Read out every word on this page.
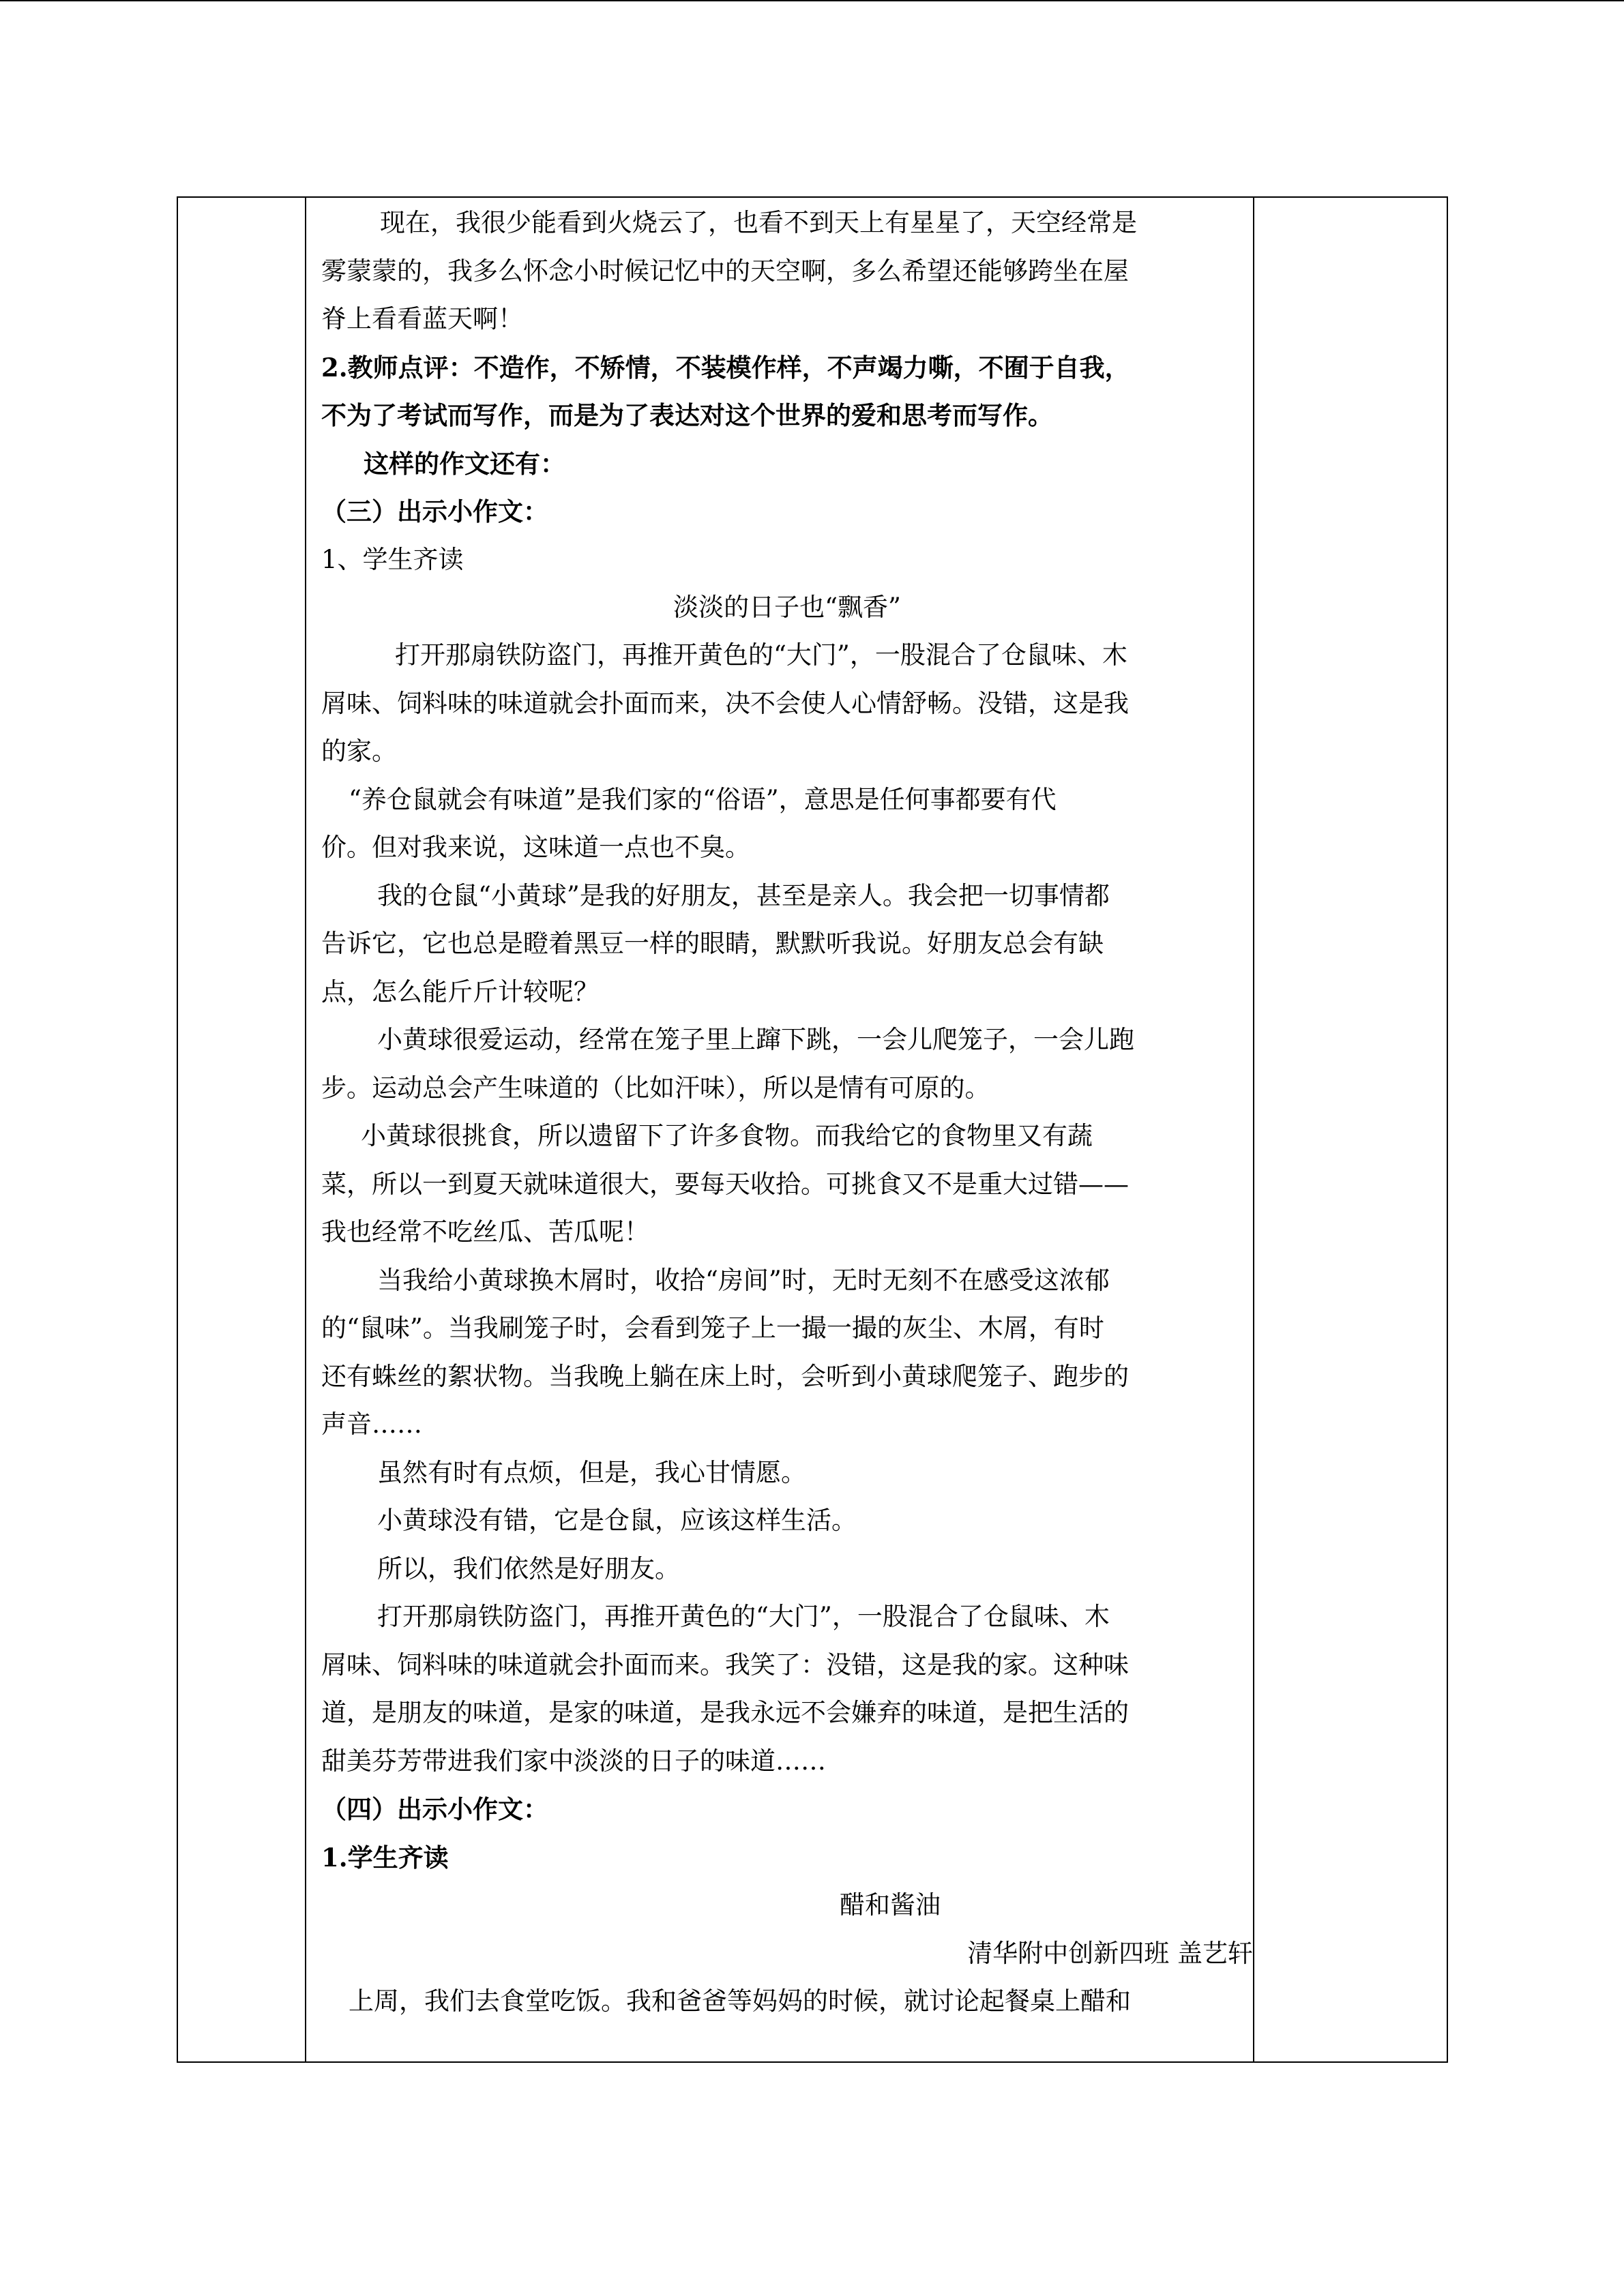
现在，我很少能看到火烧云了，也看不到天上有星星了，天空经常是
雾蒙蒙的，我多么怀念小时候记忆中的天空啊，多么希望还能够跨坐在屋
脊上看看蓝天啊！
2.教师点评：不造作，不矫情，不装模作样，不声竭力嘶，不囿于自我，
不为了考试而写作，而是为了表达对这个世界的爱和思考而写作。
这样的作文还有：
（三）出示小作文：
1、学生齐读
淡淡的日子也“飘香”
打开那扇铁防盗门，再推开黄色的“大门”，一股混合了仓鼠味、木
屑味、饲料味的味道就会扑面而来，决不会使人心情舒畅。没错，这是我
的家。
“养仓鼠就会有味道”是我们家的“俗语”，意思是任何事都要有代
价。但对我来说，这味道一点也不臭。
我的仓鼠“小黄球”是我的好朋友，甚至是亲人。我会把一切事情都
告诉它，它也总是瞪着黑豆一样的眼睛，默默听我说。好朋友总会有缺
点，怎么能斤斤计较呢？
小黄球很爱运动，经常在笼子里上蹿下跳，一会儿爬笼子，一会儿跑
步。运动总会产生味道的（比如汗味），所以是情有可原的。
小黄球很挑食，所以遗留下了许多食物。而我给它的食物里又有蔬
菜，所以一到夏天就味道很大，要每天收拾。可挑食又不是重大过错——
我也经常不吃丝瓜、苦瓜呢！
当我给小黄球换木屑时，收拾“房间”时，无时无刻不在感受这浓郁
的“鼠味”。当我刷笼子时，会看到笼子上一撮一撮的灰尘、木屑，有时
还有蛛丝的絮状物。当我晚上躺在床上时，会听到小黄球爬笼子、跑步的
声音……
虽然有时有点烦，但是，我心甘情愿。
小黄球没有错，它是仓鼠，应该这样生活。
所以，我们依然是好朋友。
打开那扇铁防盗门，再推开黄色的“大门”，一股混合了仓鼠味、木
屑味、饲料味的味道就会扑面而来。我笑了：没错，这是我的家。这种味
道，是朋友的味道，是家的味道，是我永远不会嫌弃的味道，是把生活的
甜美芬芳带进我们家中淡淡的日子的味道……
（四）出示小作文：
1.学生齐读
醋和酱油
清华附中创新四班 盖艺轩
上周，我们去食堂吃饭。我和爸爸等妈妈的时候，就讨论起餐桌上醋和
